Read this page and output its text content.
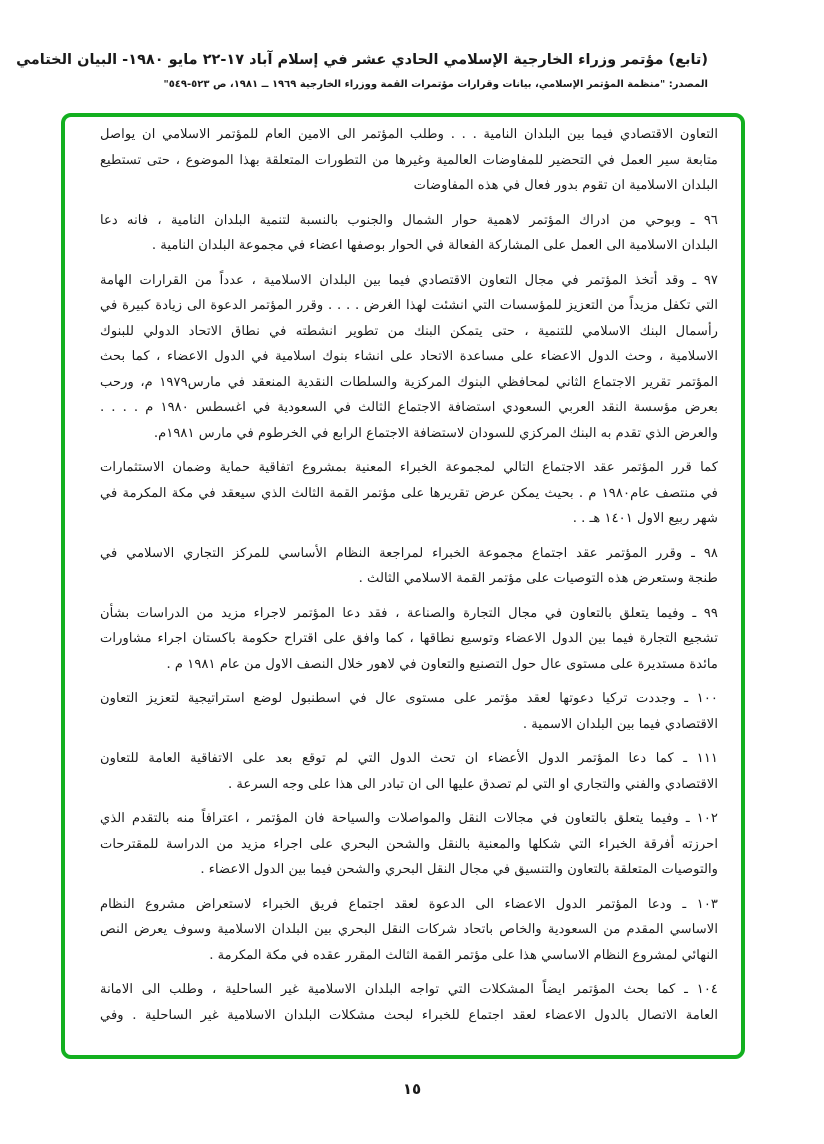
(تابع) مؤتمر وزراء الخارجية الإسلامي الحادي عشر في إسلام آباد ١٧-٢٢ مايو ١٩٨٠- البيان الختامي
المصدر: "منظمة المؤتمر الإسلامي، بيانات وقرارات مؤتمرات القمة ووزراء الخارجية ١٩٦٩ ــ ١٩٨١، ص ٥٢٣-٥٤٩"

التعاون الاقتصادي فيما بين البلدان النامية . . . وطلب المؤتمر الى الامين العام للمؤتمر الاسلامي ان يواصل
متابعة سير العمل في التحضير للمفاوضات العالمية وغيرها من التطورات المتعلقة بهذا الموضوع ، حتى تستطيع
البلدان الاسلامية ان تقوم بدور فعال في هذه المفاوضات

٩٦ ـ وبوحي من ادراك المؤتمر لاهمية حوار الشمال والجنوب بالنسبة لتنمية البلدان النامية ، فانه دعا
البلدان الاسلامية الى العمل على المشاركة الفعالة في الحوار بوصفها اعضاء في مجموعة البلدان النامية .

٩٧ ـ وقد أتخذ المؤتمر في مجال التعاون الاقتصادي فيما بين البلدان الاسلامية ، عدداً من القرارات الهامة
التي تكفل مزيداً من التعزيز للمؤسسات التي انشئت لهذا الغرض . . . . وقرر المؤتمر الدعوة الى زيادة كبيرة في
رأسمال البنك الاسلامي للتنمية ، حتى يتمكن البنك من تطوير انشطته في نطاق الاتحاد الدولي للبنوك
الاسلامية ، وحث الدول الاعضاء على مساعدة الاتحاد على انشاء بنوك اسلامية في الدول الاعضاء ، كما بحث
المؤتمر تقرير الاجتماع الثاني لمحافظي البنوك المركزية والسلطات النقدية المنعقد في مارس١٩٧٩ م، ورحب
بعرض مؤسسة النقد العربي السعودي استضافة الاجتماع الثالث في السعودية في اغسطس ١٩٨٠ م . . . .
والعرض الذي تقدم به البنك المركزي للسودان لاستضافة الاجتماع الرابع في الخرطوم في مارس ١٩٨١م.

كما قرر المؤتمر عقد الاجتماع التالي لمجموعة الخبراء المعنية بمشروع اتفاقية حماية وضمان الاستثمارات
في منتصف عام١٩٨٠ م . بحيث يمكن عرض تقريرها على مؤتمر القمة الثالث الذي سيعقد في مكة المكرمة في
شهر ربيع الاول ١٤٠١ هـ . .

٩٨ ـ وقرر المؤتمر عقد اجتماع مجموعة الخبراء لمراجعة النظام الأساسي للمركز التجاري الاسلامي في
طنجة وستعرض هذه التوصيات على مؤتمر القمة الاسلامي الثالث .

٩٩ ـ وفيما يتعلق بالتعاون في مجال التجارة والصناعة ، فقد دعا المؤتمر لاجراء مزيد من الدراسات بشأن
تشجيع التجارة فيما بين الدول الاعضاء وتوسيع نطاقها ، كما وافق على اقتراح حكومة باكستان اجراء مشاورات
مائدة مستديرة على مستوى عال حول التصنيع والتعاون في لاهور خلال النصف الاول من عام ١٩٨١ م .

١٠٠ ـ وجددت تركيا دعوتها لعقد مؤتمر على مستوى عال في اسطنبول لوضع استراتيجية لتعزيز التعاون
الاقتصادي فيما بين البلدان الاسمية .

١١١ ـ كما دعا المؤتمر الدول الأعضاء ان تحث الدول التي لم توقع بعد على الاتفاقية العامة للتعاون
الاقتصادي والفني والتجاري او التي لم تصدق عليها الى ان تبادر الى هذا على وجه السرعة .

١٠٢ ـ وفيما يتعلق بالتعاون في مجالات النقل والمواصلات والسياحة فان المؤتمر ، اعترافاً منه بالتقدم الذي
احرزته أفرقة الخبراء التي شكلها والمعنية بالنقل والشحن البحري على اجراء مزيد من الدراسة للمقترحات
والتوصيات المتعلقة بالتعاون والتنسيق في مجال النقل البحري والشحن فيما بين الدول الاعضاء .

١٠٣ ـ ودعا المؤتمر الدول الاعضاء الى الدعوة لعقد اجتماع فريق الخبراء لاستعراض مشروع النظام
الاساسي المقدم من السعودية والخاص باتحاد شركات النقل البحري بين البلدان الاسلامية وسوف يعرض النص
النهائي لمشروع النظام الاساسي هذا على مؤتمر القمة الثالث المقرر عقده في مكة المكرمة .

١٠٤ ـ كما بحث المؤتمر ايضاً المشكلات التي تواجه البلدان الاسلامية غير الساحلية ، وطلب الى الامانة
العامة الاتصال بالدول الاعضاء لعقد اجتماع للخبراء لبحث مشكلات البلدان الاسلامية غير الساحلية . وفي

١٥
